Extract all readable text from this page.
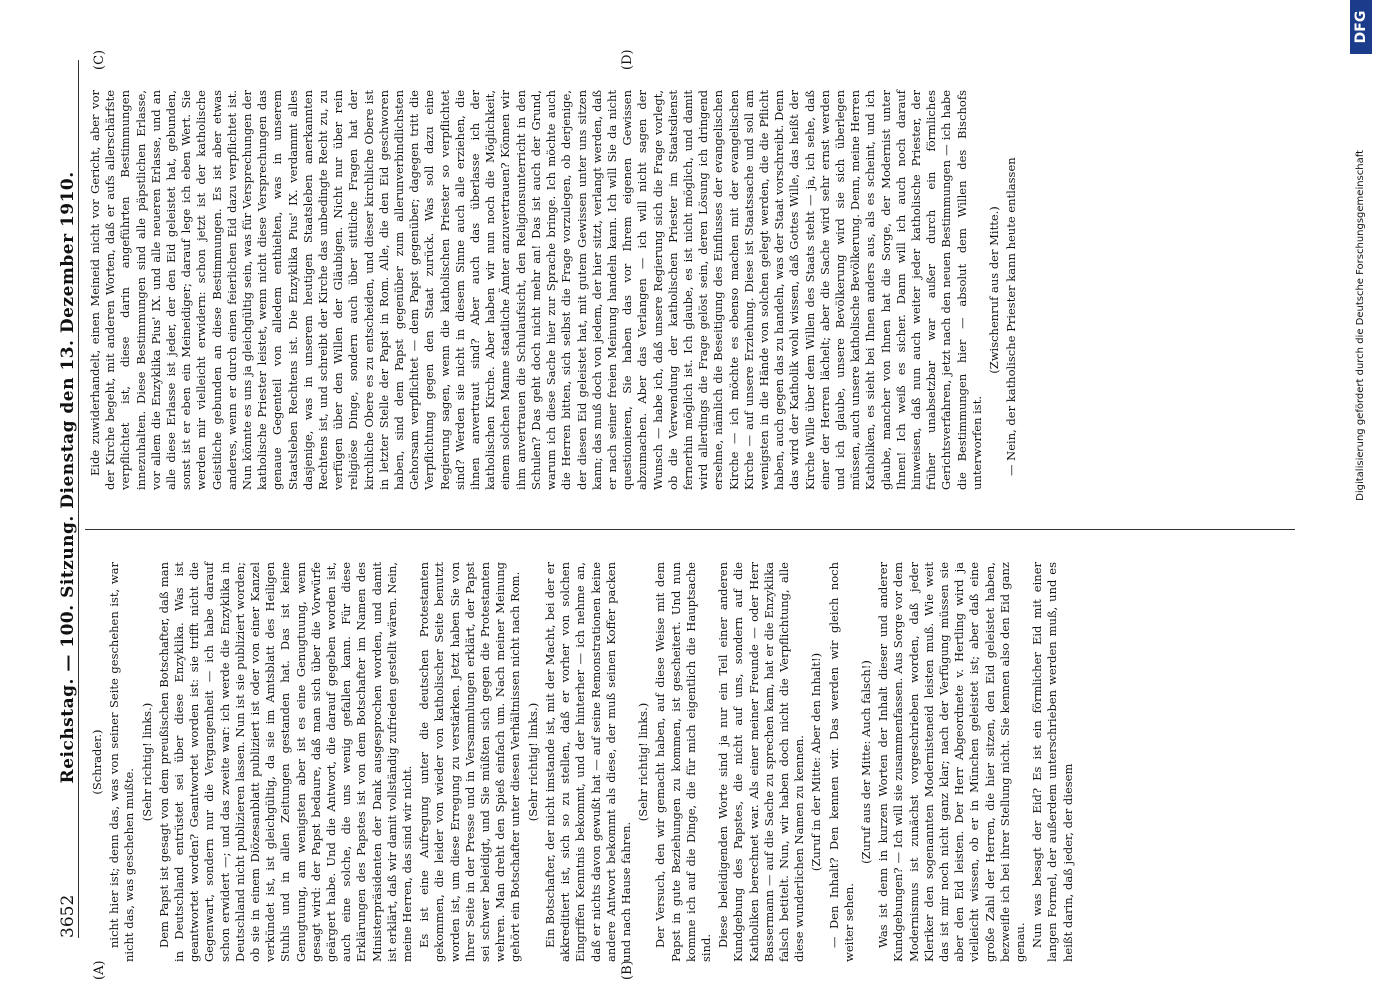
3652
Reichstag. — 100. Sitzung. Dienstag den 13. Dezember 1910.
(A)	(B)
(C)	(D)

(Schrader.) nicht hier ist; denn das, was von seiner Seite geschehen ist, war nicht das, was geschehen mußte.

(Sehr richtig! links.) Dem Papst ist gesagt von dem preußischen Botschafter, daß man in Deutschland entrüstet sei über diese Enzyklika. Was ist geantwortet worden? Geantwortet worden ist: sie trifft nicht die Gegenwart, sondern nur die Vergangenheit — ich habe darauf schon erwidert —; und das zweite war: ich werde die Enzyklika in Deutschland nicht publizieren lassen. Nun ist sie publiziert worden; ob sie in einem Diözesanblatt publiziert ist oder von einer Kanzel verkündet ist, ist gleichgültig, da sie im Amtsblatt des Heiligen Stuhls und in allen Zeitungen gestanden hat. Das ist keine Genugtuung, am wenigsten aber ist es eine Genugtuung, wenn gesagt wird: der Papst bedaure, daß man sich über die Vorwürfe geärgert habe. Und die Antwort, die darauf gegeben worden ist, auch eine solche, die uns wenig gefallen kann. Für diese Erklärungen des Papstes ist von dem Botschafter im Namen des Ministerpräsidenten der Dank ausgesprochen worden, und damit ist erklärt, daß wir damit vollständig zufrieden gestellt wären. Nein, meine Herren, das sind wir nicht. Es ist eine Aufregung unter die deutschen Protestanten gekommen, die leider von wieder von katholischer Seite benutzt worden ist, um diese Erregung zu verstärken. Jetzt haben Sie von Ihrer Seite in der Presse und in Versammlungen erklärt, der Papst sei schwer beleidigt, und Sie müßten sich gegen die Protestanten wehren. Man dreht den Spieß einfach um. Nach meiner Meinung gehört ein Botschafter unter diesen Verhältnissen nicht nach Rom. (Sehr richtig! links.) Ein Botschafter, der nicht imstande ist, mit der Macht, bei der er akkreditiert ist, sich so zu stellen, daß er vorher von solchen Eingriffen Kenntnis bekommt, und der hinterher — ich nehme an, daß er nichts davon gewußt hat — auf seine Remonstrationen keine andere Antwort bekommt als diese, der muß seinen Koffer packen und nach Hause fahren.

(Sehr richtig! links.) Der Versuch, den wir gemacht haben, auf diese Weise mit dem Papst in gute Beziehungen zu kommen, ist gescheitert. Und nun komme ich auf die Dinge, die für mich eigentlich die Hauptsache sind. Diese beleidigenden Worte sind ja nur ein Teil einer anderen Kundgebung des Papstes, die nicht auf uns, sondern auf die Katholiken berechnet war. Als einer meiner Freunde — oder Herr Bassermann — auf die Sache zu sprechen kam, hat er die Enzyklika falsch betitelt. Nun, wir haben doch nicht die Verpflichtung, alle diese wunderlichen Namen zu kennen. (Zuruf in der Mitte: Aber den Inhalt!) — Den Inhalt? Den kennen wir. Das werden wir gleich noch weiter sehen.

(Zuruf aus der Mitte: Auch falsch!) Was ist denn in kurzen Worten der Inhalt dieser und anderer Kundgebungen? — Ich will sie zusammenfassen. Aus Sorge vor dem Modernismus ist zunächst vorgeschrieben worden, daß jeder Kleriker den sogenannten Modernisteneid leisten muß. Wie weit das ist mir noch nicht ganz klar; nach der Verfügung müssen sie aber den Eid leisten. Der Herr Abgeordnete v. Hertling wird ja vielleicht wissen, ob er in München geleistet ist; aber daß eine große Zahl der Herren, die hier sitzen, den Eid geleistet haben, bezweifle ich bei ihrer Stellung nicht. Sie kennen also den Eid ganz genau. Nun was besagt der Eid? Es ist ein förmlicher Eid mit einer langen Formel, der außerdem unterschrieben werden muß, und es heißt darin, daß jeder, der diesem

Eide zuwiderhandelt, einen Meineid nicht vor Gericht, aber vor der Kirche begeht, mit anderen Worten, daß er aufs allerschärfste verpflichtet ist, diese darin angeführten Bestimmungen innezuhalten. Diese Bestimmungen sind alle päpstlichen Erlasse, vor allem die Enzyklika Pius' IX. und alle neueren Erlasse, und an alle diese Erlasse ist jeder, der den Eid geleistet hat, gebunden, sonst ist er eben ein Meineidiger; darauf lege ich eben Wert. Sie werden mir vielleicht erwidern: schon jetzt ist der katholische Geistliche gebunden an diese Bestimmungen. Es ist aber etwas anderes, wenn er durch einen feierlichen Eid dazu verpflichtet ist. Nun könnte es uns ja gleichgültig sein, was für Versprechungen der katholische Priester leistet, wenn nicht diese Versprechungen das genaue Gegenteil von alledem enthielten, was in unserem Staatsleben Rechtens ist. Die Enzyklika Pius' IX. verdammt alles dasjenige, was in unserem heutigen Staatsleben anerkannten Rechtens ist, und schreibt der Kirche das unbedingte Recht zu, zu verfügen über den Willen der Gläubigen. Nicht nur über rein religiöse Dinge, sondern auch über sittliche Fragen hat der kirchliche Obere es zu entscheiden, und dieser kirchliche Obere ist in letzter Stelle der Papst in Rom. Alle, die den Eid geschworen haben, sind dem Papst gegenüber zum allerunverbindlichsten Gehorsam verpflichtet — dem Papst gegenüber; dagegen tritt die Verpflichtung gegen den Staat zurück. Was soll dazu eine Regierung sagen, wenn die katholischen Priester so verpflichtet sind? Werden sie nicht in diesem Sinne auch alle erziehen, die ihnen anvertraut sind? Aber auch das überlasse ich der katholischen Kirche. Aber haben wir nun noch die Möglichkeit, einem solchen Manne staatliche Ämter anzuvertrauen? Können wir ihm anvertrauen die Schulaufsicht, den Religionsunterricht in den Schulen? Das geht doch nicht mehr an! Das ist auch der Grund, warum ich diese Sache hier zur Sprache bringe. Ich möchte auch die Herren bitten, sich selbst die Frage vorzulegen, ob derjenige, der diesen Eid geleistet hat, mit gutem Gewissen unter uns sitzen kann; das muß doch von jedem, der hier sitzt, verlangt werden, daß er nach seiner freien Meinung handeln kann. Ich will Sie da nicht questionieren, Sie haben das vor Ihrem eigenen Gewissen abzumachen. Aber das Verlangen — ich will nicht sagen der Wunsch — habe ich, daß unsere Regierung sich die Frage vorlegt, ob die Verwendung der katholischen Priester im Staatsdienst fernerhin möglich ist. Ich glaube, es ist nicht möglich, und damit wird allerdings die Frage gelöst sein, deren Lösung ich dringend ersehne, nämlich die Beseitigung des Einflusses der evangelischen Kirche — ich möchte es ebenso machen mit der evangelischen Kirche — auf unsere Erziehung. Diese ist Staatssache und soll am wenigsten in die Hände von solchen gelegt werden, die die Pflicht haben, auch gegen das zu handeln, was der Staat vorschreibt. Denn das wird der Katholik wohl wissen, daß Gottes Wille, das heißt der Kirche Wille über dem Willen des Staats steht — ja, ich sehe, daß einer der Herren lächelt; aber die Sache wird sehr ernst werden und ich glaube, unsere Bevölkerung wird sie sich überlegen müssen, auch unsere katholische Bevölkerung. Denn, meine Herren Katholiken, es sieht bei Ihnen anders aus, als es scheint, und ich glaube, mancher von Ihnen hat die Sorge, der Modernist unter Ihnen! Ich weiß es sicher. Dann will ich auch noch darauf hinweisen, daß nun auch weiter jeder katholische Priester, der früher unabsetzbar war außer durch ein förmliches Gerichtsverfahren, jetzt nach den neuen Bestimmungen — ich habe die Bestimmungen hier — absolut dem Willen des Bischofs unterworfen ist.

(Zwischenruf aus der Mitte.) — Nein, der katholische Priester kann heute entlassen	Digitalisierung gefördert durch die Deutsche Forschungsgemeinschaft
DFG
